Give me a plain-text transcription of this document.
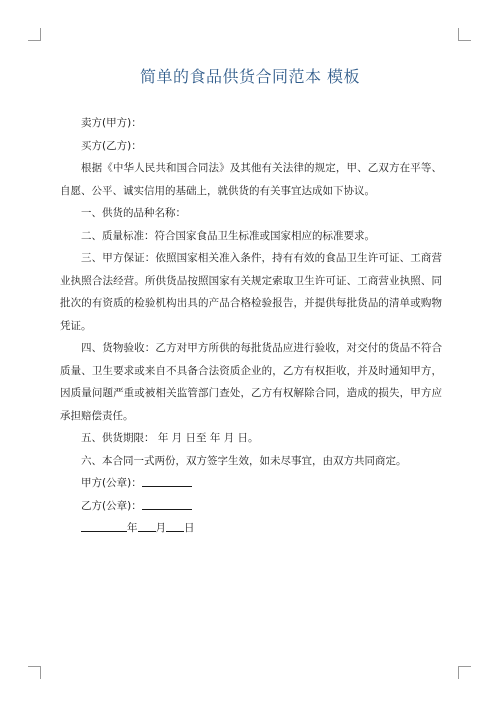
简单的食品供货合同范本 模板

卖方(甲方)：

买方(乙方)：

根据《中华人民共和国合同法》及其他有关法律的规定，甲、乙双方在平等、自愿、公平、诚实信用的基础上，就供货的有关事宜达成如下协议。

一、供货的品种名称：

二、质量标准：符合国家食品卫生标准或国家相应的标准要求。

三、甲方保证：依照国家相关准入条件，持有有效的食品卫生许可证、工商营业执照合法经营。所供货品按照国家有关规定索取卫生许可证、工商营业执照、同批次的有资质的检验机构出具的产品合格检验报告，并提供每批货品的清单或购物凭证。

四、货物验收：乙方对甲方所供的每批货品应进行验收，对交付的货品不符合质量、卫生要求或来自不具备合法资质企业的，乙方有权拒收，并及时通知甲方，因质量问题严重或被相关监管部门查处，乙方有权解除合同，造成的损失，甲方应承担赔偿责任。

五、供货期限： 年 月 日至 年 月 日。

六、本合同一式两份，双方签字生效，如未尽事宜，由双方共同商定。

甲方(公章)：

乙方(公章)：

年 月 日
